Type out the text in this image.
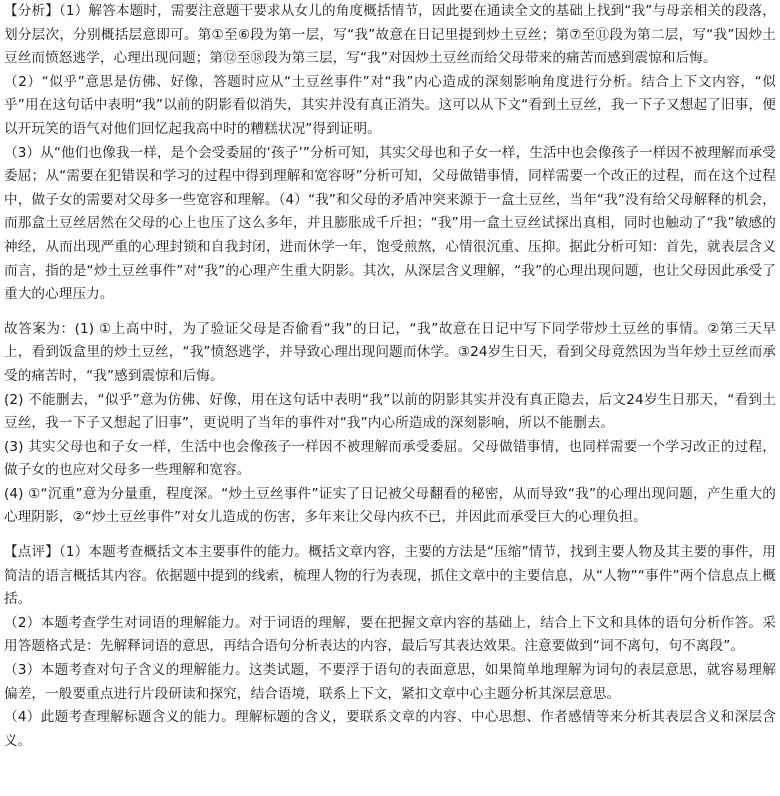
【分析】（1）解答本题时，需要注意题干要求从女儿的角度概括情节，因此要在通读全文的基础上找到“我”与母亲相关的段落，划分层次，分别概括层意即可。第①至⑥段为第一层，写“我”故意在日记里提到炒土豆丝；第⑦至⑪段为第二层，写“我”因炒土豆丝而愤怒逃学，心理出现问题；第⑫至⑱段为第三层，写“我”对因炒土豆丝而给父母带来的痛苦而感到震惊和后悔。

（2）“似乎”意思是仿佛、好像，答题时应从“土豆丝事件”对“我”内心造成的深刻影响角度进行分析。结合上下文内容，“似乎”用在这句话中表明“我”以前的阴影看似消失，其实并没有真正消失。这可以从下文“看到土豆丝，我一下子又想起了旧事，便以开玩笑的语气对他们回忆起我高中时的糟糕状况”得到证明。

（3）从“他们也像我一样，是个会受委屈的‘孩子’”分析可知，其实父母也和子女一样，生活中也会像孩子一样因不被理解而承受委屈；从“需要在犯错误和学习的过程中得到理解和宽容呀”分析可知，父母做错事情，同样需要一个改正的过程，而在这个过程中，做子女的需要对父母多一些宽容和理解。（4）“我”和父母的矛盾冲突来源于一盒土豆丝，当年“我”没有给父母解释的机会，而那盒土豆丝居然在父母的心上也压了这么多年，并且膨胀成千斤担；“我”用一盒土豆丝试探出真相，同时也触动了“我”敏感的神经，从而出现严重的心理封锁和自我封闭，进而休学一年，饱受煎熬，心情很沉重、压抑。据此分析可知：首先，就表层含义而言，指的是“炒土豆丝事件”对“我”的心理产生重大阴影。其次，从深层含义理解，“我”的心理出现问题，也让父母因此承受了重大的心理压力。

故答案为：(1) ①上高中时，为了验证父母是否偷看“我”的日记，“我”故意在日记中写下同学带炒土豆丝的事情。②第三天早上，看到饭盒里的炒土豆丝，“我”愤怒逃学，并导致心理出现问题而休学。③24岁生日天，看到父母竟然因为当年炒土豆丝而承受的痛苦时，“我”感到震惊和后悔。

(2) 不能删去，“似乎”意为仿佛、好像，用在这句话中表明“我”以前的阴影其实并没有真正隐去，后文24岁生日那天，“看到土豆丝，我一下子又想起了旧事”，更说明了当年的事件对“我”内心所造成的深刻影响，所以不能删去。

(3) 其实父母也和子女一样，生活中也会像孩子一样因不被理解而承受委屈。父母做错事情，也同样需要一个学习改正的过程，做子女的也应对父母多一些理解和宽容。

(4) ①“沉重”意为分量重，程度深。“炒土豆丝事件”证实了日记被父母翻看的秘密，从而导致“我”的心理出现问题，产生重大的心理阴影，②“炒土豆丝事件”对女儿造成的伤害，多年来让父母内疚不已，并因此而承受巨大的心理负担。

【点评】（1）本题考查概括文本主要事件的能力。概括文章内容，主要的方法是“压缩”情节，找到主要人物及其主要的事件，用简洁的语言概括其内容。依据题中提到的线索，梳理人物的行为表现，抓住文章中的主要信息，从“人物”“事件”两个信息点上概括。

（2）本题考查学生对词语的理解能力。对于词语的理解，要在把握文章内容的基础上，结合上下文和具体的语句分析作答。采用答题格式是：先解释词语的意思，再结合语句分析表达的内容，最后写其表达效果。注意要做到“词不离句，句不离段”。

（3）本题考查对句子含义的理解能力。这类试题，不要浮于语句的表面意思，如果简单地理解为词句的表层意思，就容易理解偏差，一般要重点进行片段研读和探究，结合语境，联系上下文，紧扣文章中心主题分析其深层意思。

（4）此题考查理解标题含义的能力。理解标题的含义，要联系文章的内容、中心思想、作者感情等来分析其表层含义和深层含义。
